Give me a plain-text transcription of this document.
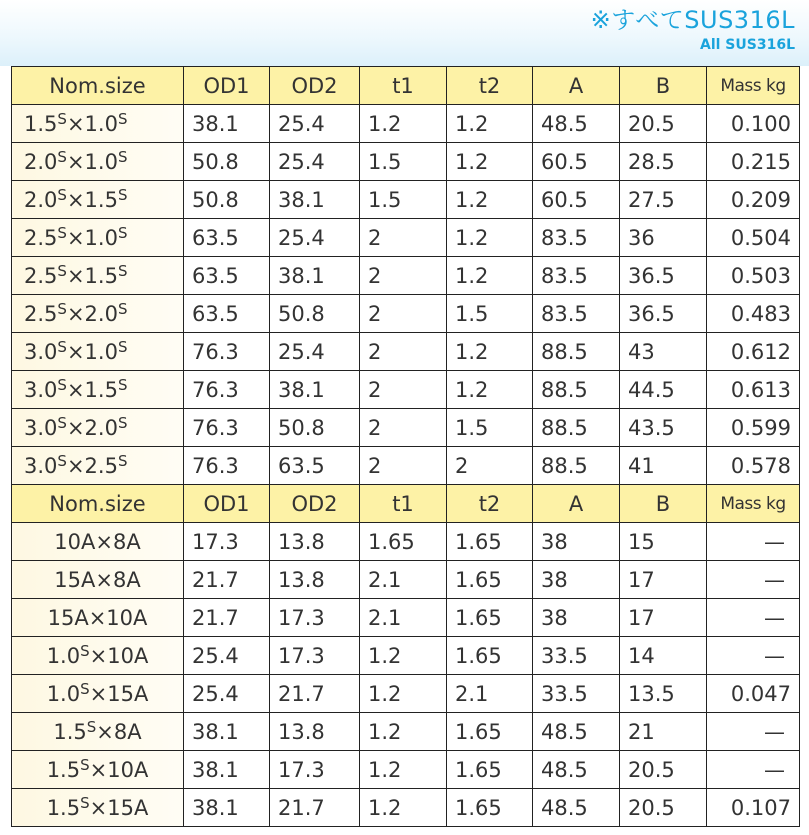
※すべてSUS316L
All SUS316L
Nom.size	OD1	OD2	t1	t2	A	B	Mass kg
$1.5^S\times 1.0^S$	38.1	25.4	1.2	1.2	48.5	20.5	0.100
$2.0^S\times 1.0^S$	50.8	25.4	1.5	1.2	60.5	28.5	0.215
$2.0^S\times 1.5^S$	50.8	38.1	1.5	1.2	60.5	27.5	0.209
$2.5^S\times 1.0^S$	63.5	25.4	2	1.2	83.5	36	0.504
$2.5^S\times 1.5^S$	63.5	38.1	2	1.2	83.5	36.5	0.503
$2.5^S\times 2.0^S$	63.5	50.8	2	1.5	83.5	36.5	0.483
$3.0^S\times 1.0^S$	76.3	25.4	2	1.2	88.5	43	0.612
$3.0^S\times 1.5^S$	76.3	38.1	2	1.2	88.5	44.5	0.613
$3.0^S\times 2.0^S$	76.3	50.8	2	1.5	88.5	43.5	0.599
$3.0^S\times 2.5^S$	76.3	63.5	2	2	88.5	41	0.578
Nom.size	OD1	OD2	t1	t2	A	B	Mass kg
10A×8A	17.3	13.8	1.65	1.65	38	15	—
15A×8A	21.7	13.8	2.1	1.65	38	17	—
15A×10A	21.7	17.3	2.1	1.65	38	17	—
$1.0^S\times 10A$	25.4	17.3	1.2	1.65	33.5	14	—
$1.0^S\times 15A$	25.4	21.7	1.2	2.1	33.5	13.5	0.047
$1.5^S\times 8A$	38.1	13.8	1.2	1.65	48.5	21	—
$1.5^S\times 10A$	38.1	17.3	1.2	1.65	48.5	20.5	—
$1.5^S\times 15A$	38.1	21.7	1.2	1.65	48.5	20.5	0.107
